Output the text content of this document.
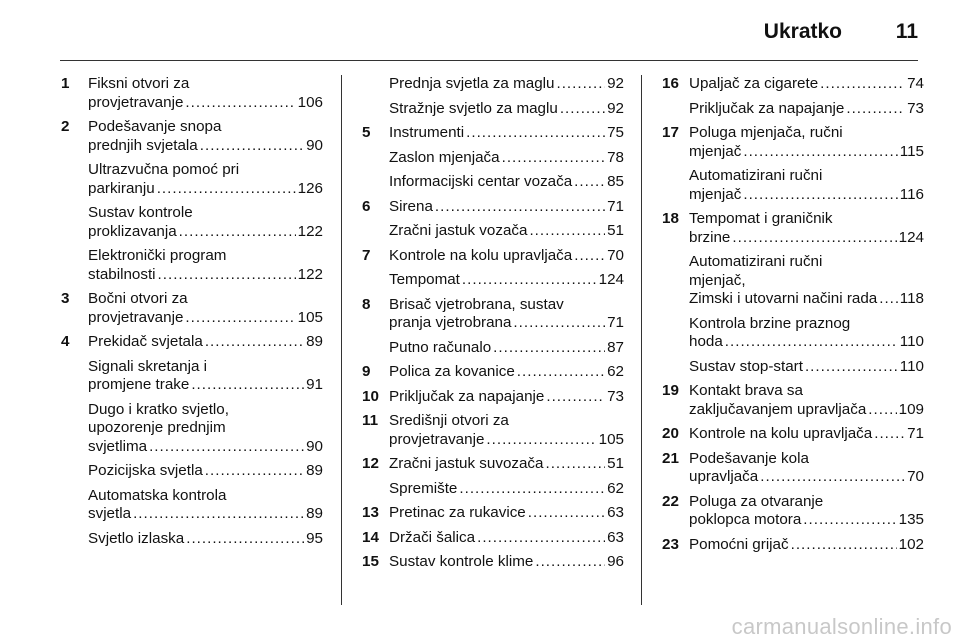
Ukratko	11
1	Fiksni otvori za
provjetravanje .....	106
2	Podešavanje snopa
prednjih svjetala .....	90
Ultrazvučna pomoć pri
parkiranju .....	126
Sustav kontrole
proklizavanja .....	122
Elektronički program
stabilnosti .....	122
3	Bočni otvori za
provjetravanje .....	105
4	Prekidač svjetala .....	89
Signali skretanja i
promjene trake .....	91
Dugo i kratko svjetlo,
upozorenje prednjim
svjetlima .....	90
Pozicijska svjetla .....	89
Automatska kontrola
svjetla .....	89
Svjetlo izlaska .....	95
Prednja svjetla za maglu .....	92
Stražnje svjetlo za maglu .....	92
5	Instrumenti .....	75
Zaslon mjenjača .....	78
Informacijski centar vozača ..... 85
6	Sirena .....	71
Zračni jastuk vozača .....	51
7	Kontrole na kolu upravljača ..... 70
Tempomat .....	124
8	Brisač vjetrobrana, sustav
pranja vjetrobrana .....	71
Putno računalo .....	87
9	Polica za kovanice .....	62
10 Priključak za napajanje .....	73
11 Središnji otvori za
provjetravanje .....	105
12 Zračni jastuk suvozača .....	51
Spremište .....	62
13 Pretinac za rukavice .....	63
14 Držači šalica .....	63
15 Sustav kontrole klime .....	96
16 Upaljač za cigarete .....	74
Priključak za napajanje .....	73
17 Poluga mjenjača, ručni
mjenjač .....	115
Automatizirani ručni
mjenjač .....	116
18 Tempomat i graničnik
brzine .....	124
Automatizirani ručni
mjenjač,
Zimski i utovarni načini rada ..... 118
Kontrola brzine praznog
hoda .....	110
Sustav stop-start .....	110
19 Kontakt brava sa
zaključavanjem upravljača ..... 109
20 Kontrole na kolu upravljača ..... 71
21 Podešavanje kola
upravljača .....	70
22 Poluga za otvaranje
poklopca motora .....	135
23 Pomoćni grijač .....	102
carmanualsonline.info
